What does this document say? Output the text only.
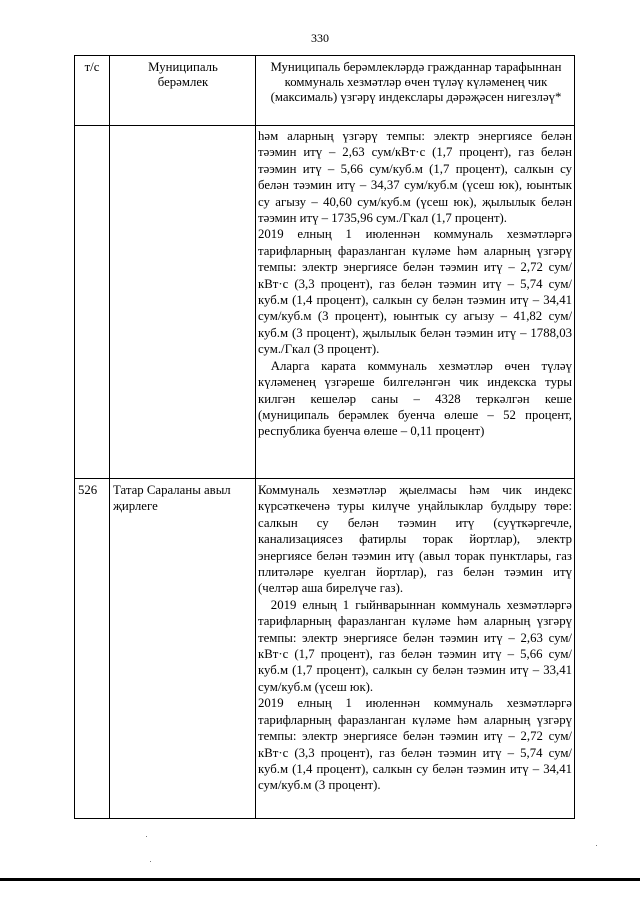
330
т/с	Муниципаль берәмлек
Муниципаль берәмлекләрдә гражданнар тарафыннан коммуналь хезмәтләр өчен түләү күләменең чик (максималь) үзгәрү индекслары дәрәҗәсен нигезләү*

һәм аларның үзгәрү темпы: электр энергиясе белән тәэмин итү – 2,63 сум/кВт·с (1,7 процент), газ белән тәэмин итү – 5,66 сум/куб.м (1,7 процент), салкын су белән тәэмин итү – 34,37 сум/куб.м (үсеш юк), юынтык су агызу – 40,60 сум/куб.м (үсеш юк), җылылык белән тәэмин итү – 1735,96 сум./Гкал (1,7 процент).

2019 елның 1 июленнән коммуналь хезмәтләргә тарифларның фаразланган күләме һәм аларның үзгәрү темпы: электр энергиясе белән тәэмин итү – 2,72 сум/кВт·с (3,3 процент), газ белән тәэмин итү – 5,74 сум/куб.м (1,4 процент), салкын су белән тәэмин итү – 34,41 сум/куб.м (3 процент), юынтык су агызу – 41,82 сум/куб.м (3 процент), җылылык белән тәэмин итү – 1788,03 сум./Гкал (3 процент).

Аларга карата коммуналь хезмәтләр өчен түләү күләменең үзгәреше билгеләнгән чик индекска туры килгән кешеләр саны – 4328 теркәлгән кеше (муниципаль берәмлек буенча өлеше – 52 процент, республика буенча өлеше – 0,11 процент)

526	Татар Сараланы авыл җирлеге

Коммуналь хезмәтләр җыелмасы һәм чик индекс күрсәткеченә туры килүче уңайлыклар булдыру төре: салкын су белән тәэмин итү (суүткәргечле, канализациясез фатирлы торак йортлар), электр энергиясе белән тәэмин итү (авыл торак пунктлары, газ плитәләре куелган йортлар), газ белән тәэмин итү (челтәр аша бирелүче газ).

2019 елның 1 гыйнварыннан коммуналь хезмәтләргә тарифларның фаразланган күләме һәм аларның үзгәрү темпы: электр энергиясе белән тәэмин итү – 2,63 сум/кВт·с (1,7 процент), газ белән тәэмин итү – 5,66 сум/куб.м (1,7 процент), салкын су белән тәэмин итү – 33,41 сум/куб.м (үсеш юк).

2019 елның 1 июленнән коммуналь хезмәтләргә тарифларның фаразланган күләме һәм аларның үзгәрү темпы: электр энергиясе белән тәэмин итү – 2,72 сум/кВт·с (3,3 процент), газ белән тәэмин итү – 5,74 сум/куб.м (1,4 процент), салкын су белән тәэмин итү – 34,41 сум/куб.м (3 процент).
